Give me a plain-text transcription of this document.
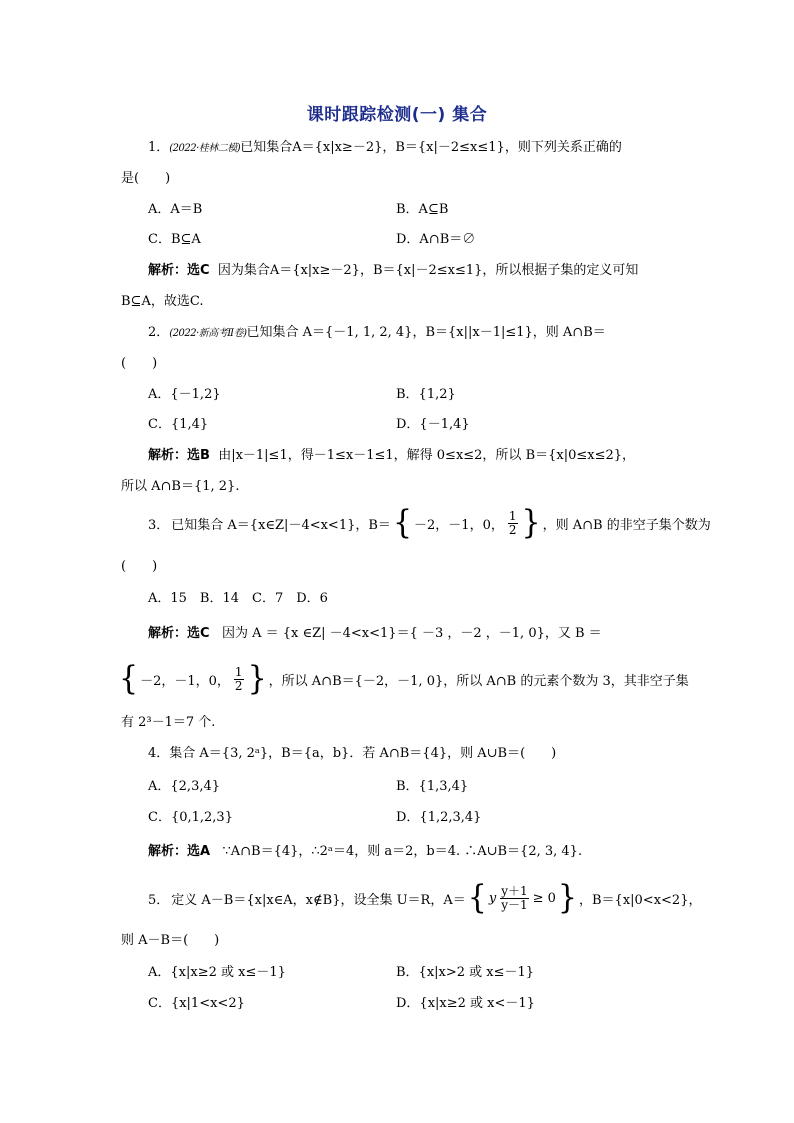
课时跟踪检测(一) 集合
1．(2022·桂林二模)已知集合A＝{x|x≥－2}，B＝{x|－2≤x≤1}，则下列关系正确的
是(　　)
A．A＝B	B．A⊆B
C．B⊆A	D．A∩B＝∅
解析：选C 因为集合A＝{x|x≥－2}，B＝{x|－2≤x≤1}，所以根据子集的定义可知
B⊆A，故选C.
2．(2022·新高考Ⅱ卷)已知集合 A＝{－1, 1, 2, 4}，B＝{x||x－1|≤1}，则 A∩B＝
(　　)
A．{－1,2}	B．{1,2}
C．{1,4}	D．{－1,4}
解析：选B 由|x－1|≤1，得－1≤x－1≤1，解得 0≤x≤2，所以 B＝{x|0≤x≤2}，
所以 A∩B＝{1, 2}.
3． 已知集合 A＝{x∈Z|－4<x<1}，B＝ { －2，－1，0， $\frac{1}{2}$ } ，则 A∩B 的非空子集个数为
(　　)
A．15　B．14　C．7　D．6
解析：选C 因为 A ＝ {x ∈Z| －4<x<1}＝{ －3 ，－2 ，－1, 0}，又 B ＝
{ －2，－1，0， $\frac{1}{2}$ } ，所以 A∩B＝{－2，－1, 0}，所以 A∩B 的元素个数为 3，其非空子集
有 2³－1＝7 个.
4．集合 A＝{3, 2ᵃ}，B＝{a，b}．若 A∩B＝{4}，则 A∪B＝(　　)
A．{2,3,4}	B．{1,3,4}
C．{0,1,2,3}	D．{1,2,3,4}
解析：选A ∵A∩B＝{4}，∴2ᵃ＝4，则 a＝2，b＝4. ∴A∪B＝{2, 3, 4}.
5． 定义 A－B＝{x|x∈A，x∉B}，设全集 U＝R，A＝ { y $\frac{y+1}{y-1} \ge 0$ } ，B＝{x|0<x<2}，
则 A－B＝(　　)
A．{x|x≥2 或 x≤－1}	B．{x|x>2 或 x≤－1}
C．{x|1<x<2}	D．{x|x≥2 或 x<－1}
